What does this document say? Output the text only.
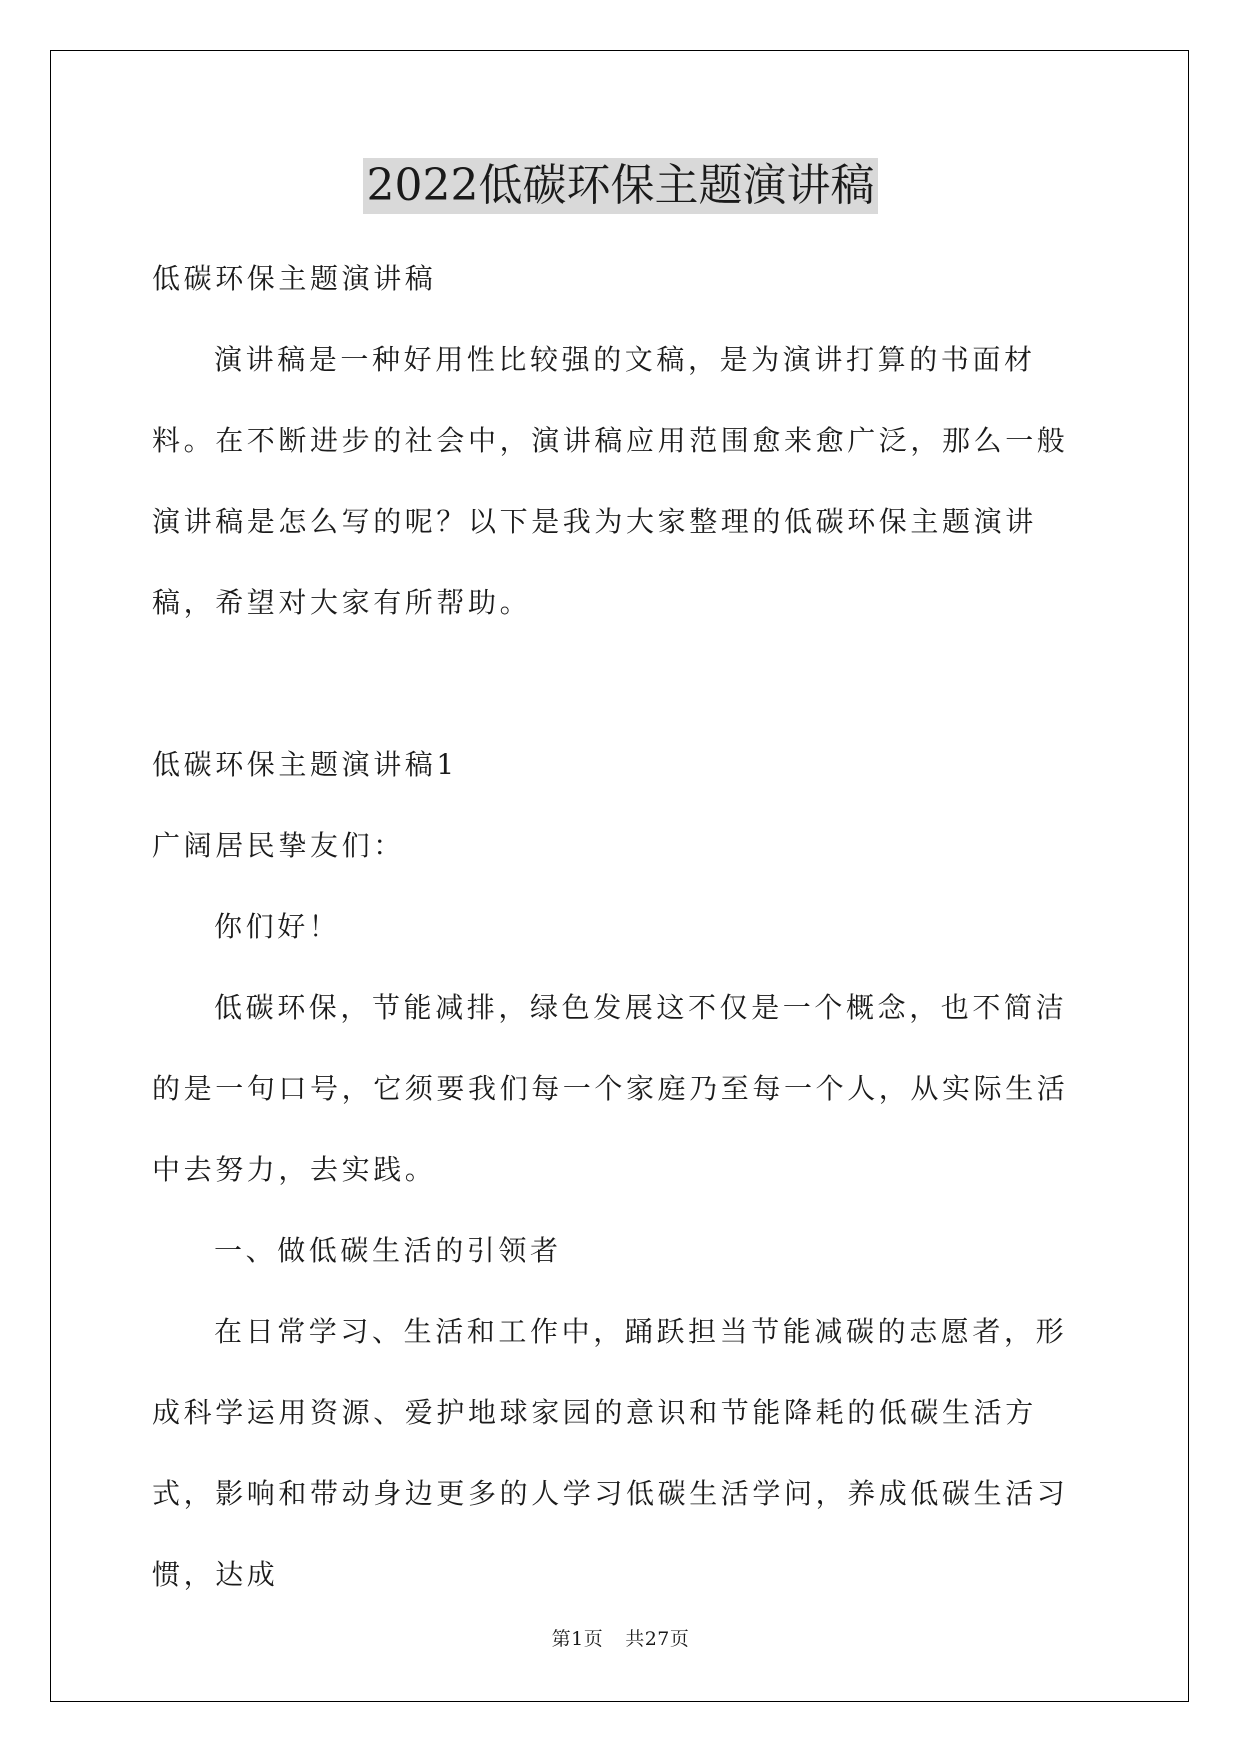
2022低碳环保主题演讲稿

低碳环保主题演讲稿

演讲稿是一种好用性比较强的文稿，是为演讲打算的书面材料。在不断进步的社会中，演讲稿应用范围愈来愈广泛，那么一般演讲稿是怎么写的呢？以下是我为大家整理的低碳环保主题演讲稿，希望对大家有所帮助。

低碳环保主题演讲稿1

广阔居民挚友们：

你们好！

低碳环保，节能减排，绿色发展这不仅是一个概念，也不简洁的是一句口号，它须要我们每一个家庭乃至每一个人，从实际生活中去努力，去实践。

一、做低碳生活的引领者

在日常学习、生活和工作中，踊跃担当节能减碳的志愿者，形成科学运用资源、爱护地球家园的意识和节能降耗的低碳生活方式，影响和带动身边更多的人学习低碳生活学问，养成低碳生活习惯，达成

第1页 共27页
